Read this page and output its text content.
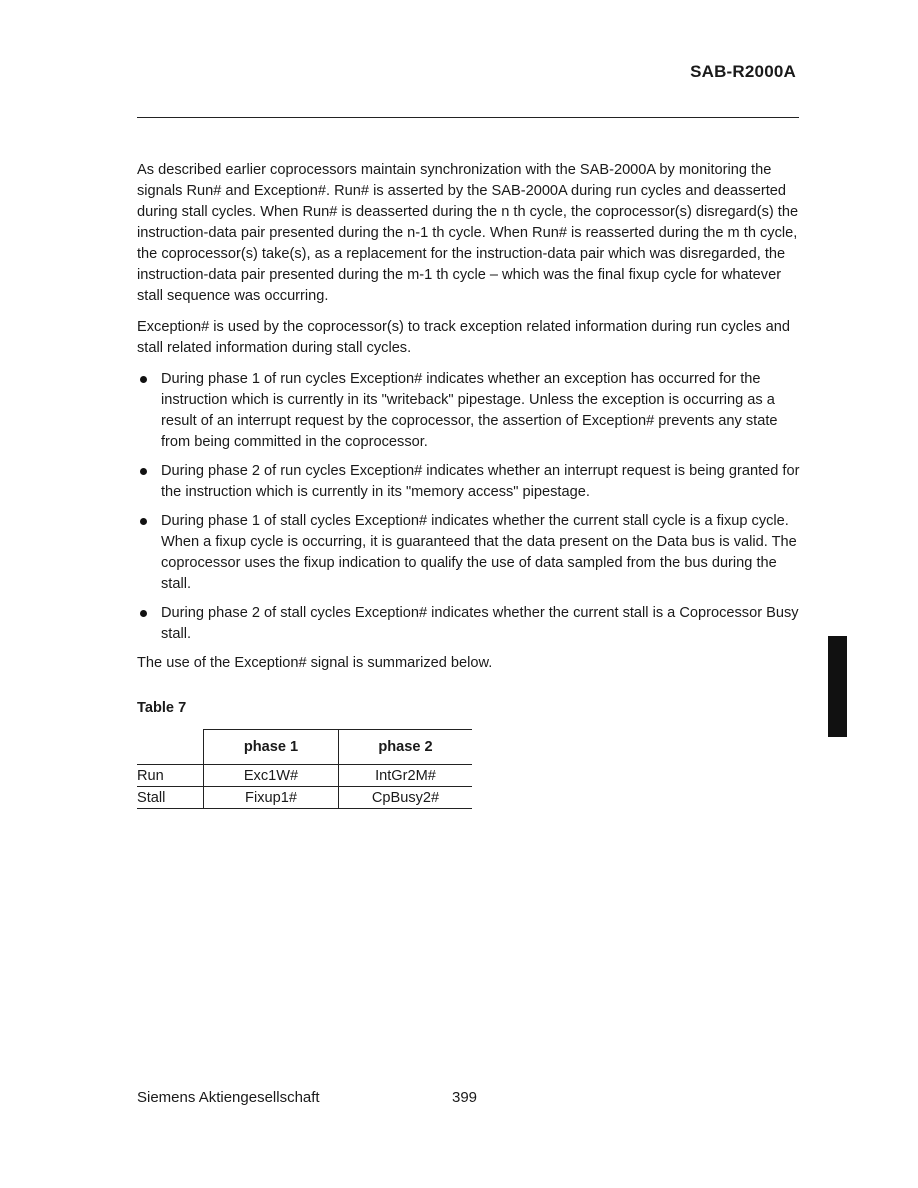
SAB-R2000A

As described earlier coprocessors maintain synchronization with the SAB-2000A by monitoring the signals Run# and Exception#. Run# is asserted by the SAB-2000A during run cycles and deasserted during stall cycles. When Run# is deasserted during the n th cycle, the coprocessor(s) disregard(s) the instruction-data pair presented during the n-1 th cycle. When Run# is reasserted during the m th cycle, the coprocessor(s) take(s), as a replacement for the instruction-data pair which was disregarded, the instruction-data pair presented during the m-1 th cycle – which was the final fixup cycle for whatever stall sequence was occurring.

Exception# is used by the coprocessor(s) to track exception related information during run cycles and stall related information during stall cycles.

During phase 1 of run cycles Exception# indicates whether an exception has occurred for the instruction which is currently in its "writeback" pipestage. Unless the exception is occurring as a result of an interrupt request by the coprocessor, the assertion of Exception# prevents any state from being committed in the coprocessor.
During phase 2 of run cycles Exception# indicates whether an interrupt request is being granted for the instruction which is currently in its "memory access" pipestage.
During phase 1 of stall cycles Exception# indicates whether the current stall cycle is a fixup cycle. When a fixup cycle is occurring, it is guaranteed that the data present on the Data bus is valid. The coprocessor uses the fixup indication to qualify the use of data sampled from the bus during the stall.
During phase 2 of stall cycles Exception# indicates whether the current stall is a Coprocessor Busy stall.

The use of the Exception# signal is summarized below.

Table 7
	phase 1	phase 2
Run	Exc1W#	IntGr2M#
Stall	Fixup1#	CpBusy2#
Siemens Aktiengesellschaft	399
